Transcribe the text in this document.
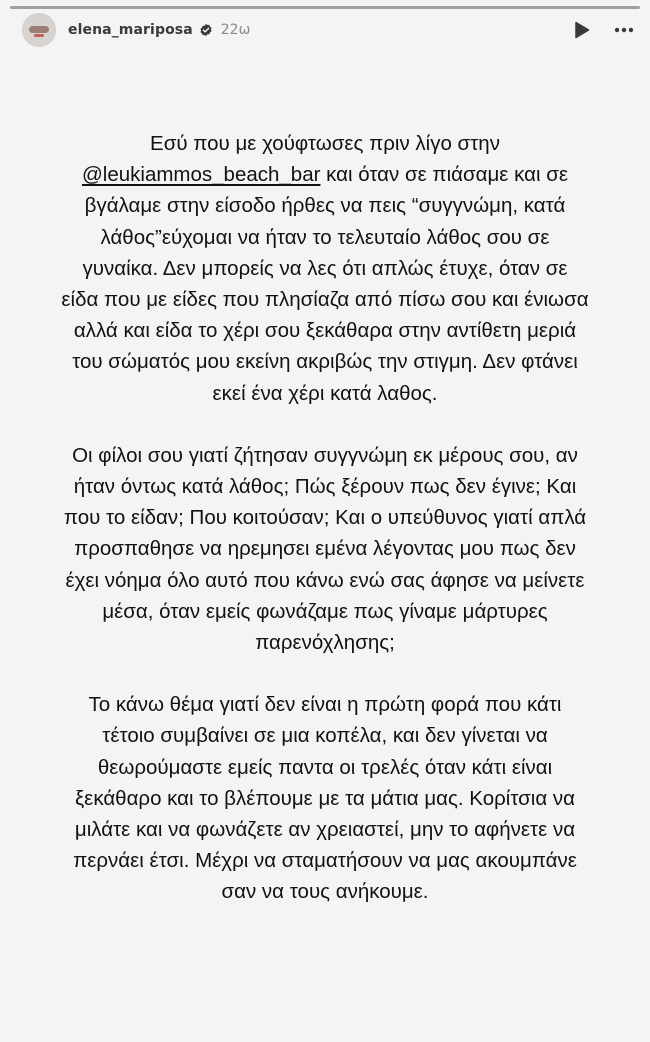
elena_mariposa 22ω

Εσύ που με χούφτωσες πριν λίγο στην
@leukiammos_beach_bar και όταν σε πιάσαμε και σε
βγάλαμε στην είσοδο ήρθες να πεις “συγγνώμη, κατά
λάθος”εύχομαι να ήταν το τελευταίο λάθος σου σε
γυναίκα. Δεν μπορείς να λες ότι απλώς έτυχε, όταν σε
είδα που με είδες που πλησίαζα από πίσω σου και ένιωσα
αλλά και είδα το χέρι σου ξεκάθαρα στην αντίθετη μεριά
του σώματός μου εκείνη ακριβώς την στιγμη. Δεν φτάνει
εκεί ένα χέρι κατά λαθος.

Οι φίλοι σου γιατί ζήτησαν συγγνώμη εκ μέρους σου, αν
ήταν όντως κατά λάθος; Πώς ξέρουν πως δεν έγινε; Και
που το είδαν; Που κοιτούσαν; Και ο υπεύθυνος γιατί απλά
προσπαθησε να ηρεμησει εμένα λέγοντας μου πως δεν
έχει νόημα όλο αυτό που κάνω ενώ σας άφησε να μείνετε
μέσα, όταν εμείς φωνάζαμε πως γίναμε μάρτυρες
παρενόχλησης;

Το κάνω θέμα γιατί δεν είναι η πρώτη φορά που κάτι
τέτοιο συμβαίνει σε μια κοπέλα, και δεν γίνεται να
θεωρούμαστε εμείς παντα οι τρελές όταν κάτι είναι
ξεκάθαρο και το βλέπουμε με τα μάτια μας. Κορίτσια να
μιλάτε και να φωνάζετε αν χρειαστεί, μην το αφήνετε να
περνάει έτσι. Μέχρι να σταματήσουν να μας ακουμπάνε
σαν να τους ανήκουμε.
